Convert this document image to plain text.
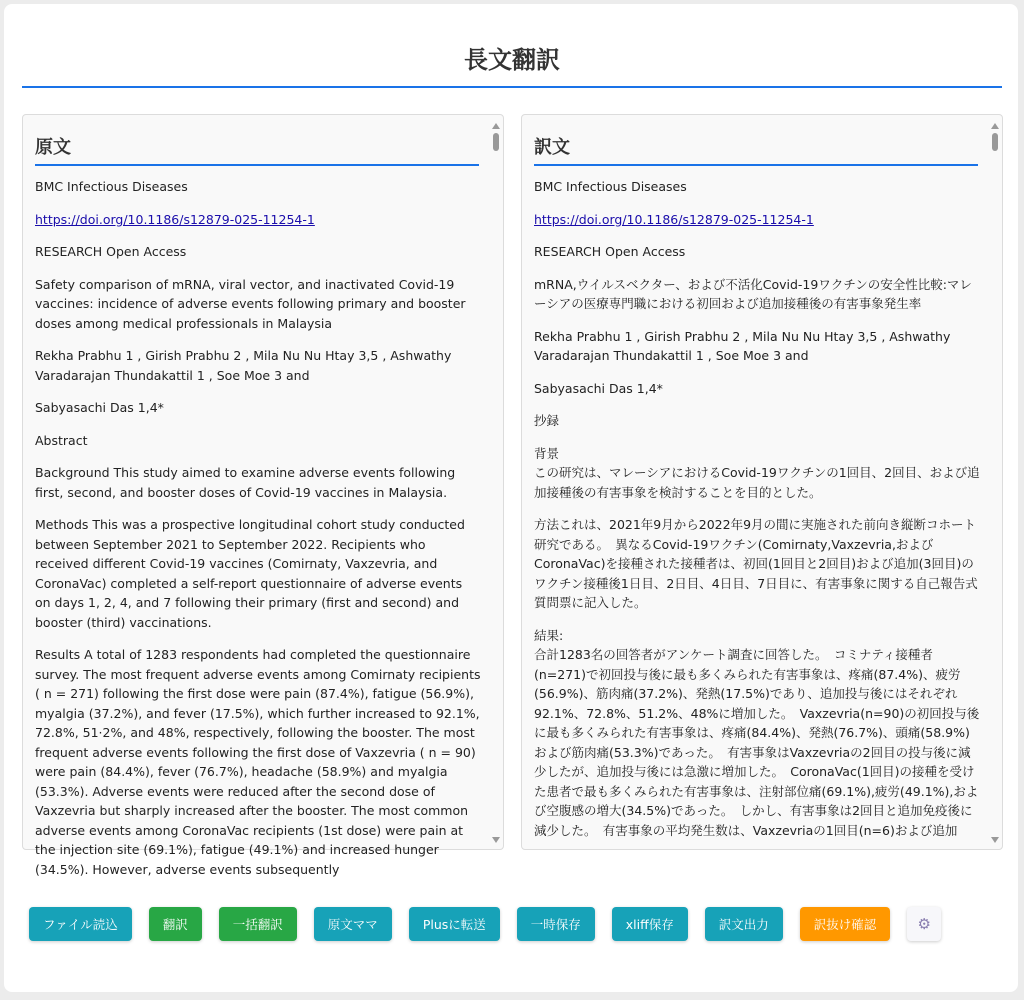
長文翻訳
原文

BMC Infectious Diseases

https://doi.org/10.1186/s12879-025-11254-1

RESEARCH Open Access

Safety comparison of mRNA, viral vector, and inactivated Covid-19 vaccines: incidence of adverse events following primary and booster doses among medical professionals in Malaysia

Rekha Prabhu 1 , Girish Prabhu 2 , Mila Nu Nu Htay 3,5 , Ashwathy Varadarajan Thundakattil 1 , Soe Moe 3 and

Sabyasachi Das 1,4*

Abstract

Background This study aimed to examine adverse events following first, second, and booster doses of Covid-19 vaccines in Malaysia.

Methods This was a prospective longitudinal cohort study conducted between September 2021 to September 2022. Recipients who received different Covid-19 vaccines (Comirnaty, Vaxzevria, and CoronaVac) completed a self-report questionnaire of adverse events on days 1, 2, 4, and 7 following their primary (first and second) and booster (third) vaccinations.

Results A total of 1283 respondents had completed the questionnaire survey. The most frequent adverse events among Comirnaty recipients ( n = 271) following the first dose were pain (87.4%), fatigue (56.9%), myalgia (37.2%), and fever (17.5%), which further increased to 92.1%, 72.8%, 51·2%, and 48%, respectively, following the booster. The most frequent adverse events following the first dose of Vaxzevria ( n = 90) were pain (84.4%), fever (76.7%), headache (58.9%) and myalgia (53.3%). Adverse events were reduced after the second dose of Vaxzevria but sharply increased after the booster. The most common adverse events among CoronaVac recipients (1st dose) were pain at the injection site (69.1%), fatigue (49.1%) and increased hunger (34.5%). However, adverse events subsequently

訳文

BMC Infectious Diseases

https://doi.org/10.1186/s12879-025-11254-1

RESEARCH Open Access

mRNA,ウイルスベクター、および不活化Covid-19ワクチンの安全性比較:マレーシアの医療専門職における初回および追加接種後の有害事象発生率

Rekha Prabhu 1 , Girish Prabhu 2 , Mila Nu Nu Htay 3,5 , Ashwathy Varadarajan Thundakattil 1 , Soe Moe 3 and

Sabyasachi Das 1,4*

抄録

背景
この研究は、マレーシアにおけるCovid-19ワクチンの1回目、2回目、および追加接種後の有害事象を検討することを目的とした。

方法これは、2021年9月から2022年9月の間に実施された前向き縦断コホート研究である。　異なるCovid-19ワクチン(Comirnaty,Vaxzevria,およびCoronaVac)を接種された接種者は、初回(1回目と2回目)および追加(3回目)のワクチン接種後1日目、2日目、4日目、7日目に、有害事象に関する自己報告式質問票に記入した。

結果:
合計1283名の回答者がアンケート調査に回答した。　コミナティ接種者(n=271)で初回投与後に最も多くみられた有害事象は、疼痛(87.4%)、疲労(56.9%)、筋肉痛(37.2%)、発熱(17.5%)であり、追加投与後にはそれぞれ92.1%、72.8%、51.2%、48%に増加した。　Vaxzevria(n=90)の初回投与後に最も多くみられた有害事象は、疼痛(84.4%)、発熱(76.7%)、頭痛(58.9%)および筋肉痛(53.3%)であった。　有害事象はVaxzevriaの2回目の投与後に減少したが、追加投与後には急激に増加した。　CoronaVac(1回目)の接種を受けた患者で最も多くみられた有害事象は、注射部位痛(69.1%),疲労(49.1%),および空腹感の増大(34.5%)であった。　しかし、有害事象は2回目と追加免疫後に減少した。　有害事象の平均発生数は、Vaxzevriaの1回目(n=6)および追加

ファイル読込	翻訳	一括翻訳	原文ママ	Plusに転送	一時保存	xliff保存	訳文出力	訳抜け確認	⚙
